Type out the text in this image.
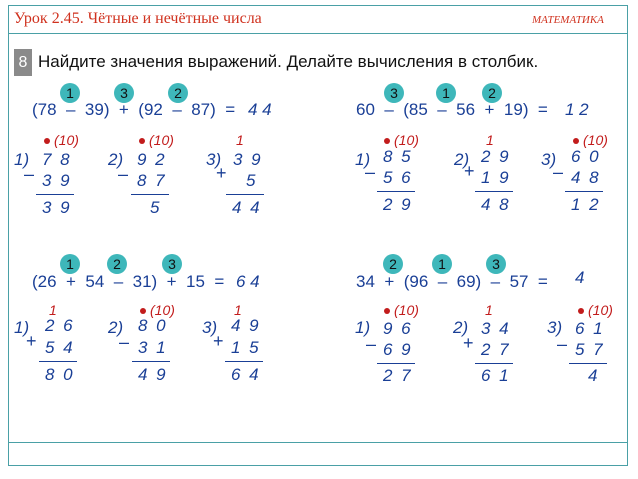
Урок 2.45. Чётные и нечётные числа	МАТЕМАТИКА
8 Найдите значения выражений. Делайте вычисления в столбик.
1	3	2
(78  –  39)  +  (92  –  87)  = 4 4
(10)
1) 7 8
– 3 9
3 9
(10)
2) 9 2
– 8 7
5
1
3) 3 9
+ 5
4 4
3	1	2
60  –  (85  –  56  +  19)  = 1 2
(10)
1) 8 5
– 5 6
2 9
1
2) 2 9
+ 1 9
4 8
(10)
3) 6 0
– 4 8
1 2
1	2	3
(26  +  54  –  31)  +  15  = 6 4
1
1) 2 6
+ 5 4
8 0
(10)
2) 8 0
– 3 1
4 9
1
3) 4 9
+ 1 5
6 4
2	1	3
34  +  (96  –  69)  –  57  = 4
(10)
1) 9 6
– 6 9
2 7
1
2) 3 4
+ 2 7
6 1
(10)
3) 6 1
– 5 7
4
